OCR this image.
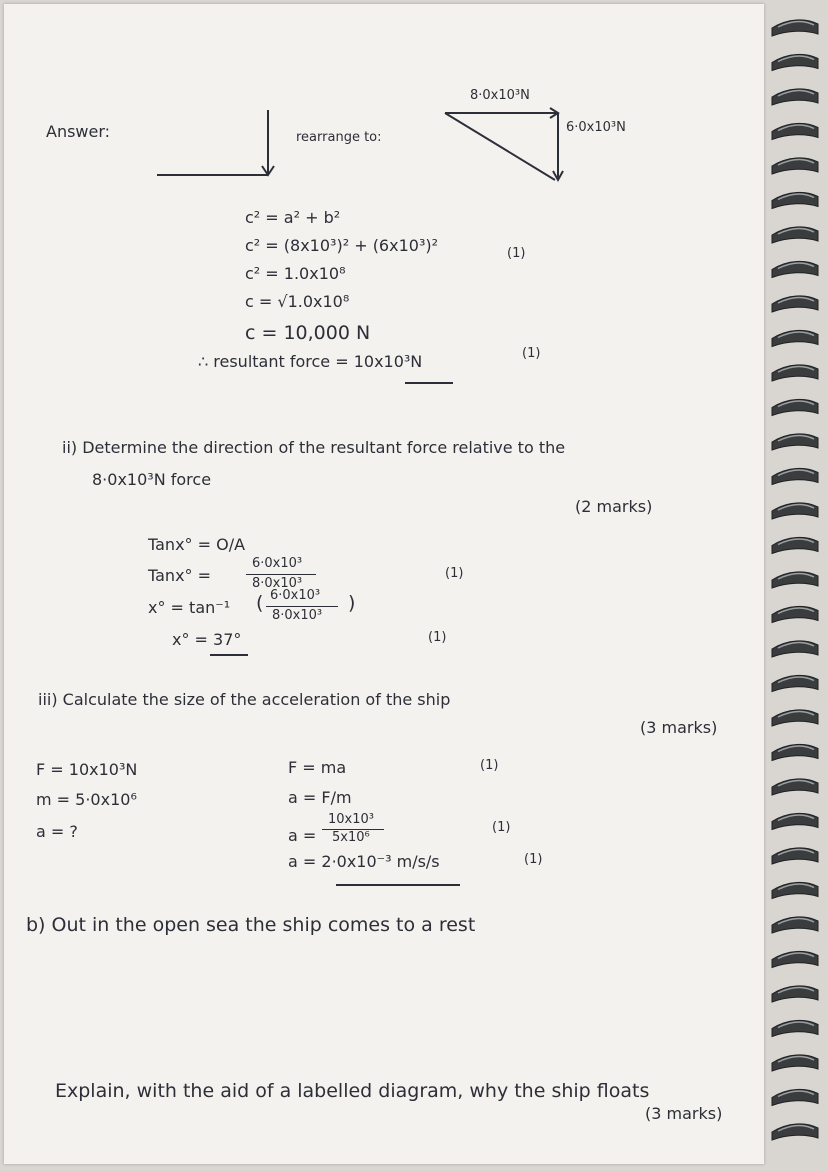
Answer:	rearrange to:
8·0x10³N
6·0x10³N
c² = a² + b²
c² = (8x10³)² + (6x10³)²	(1)
c² = 1.0x10⁸
c = √1.0x10⁸
c = 10,000 N
∴ resultant force = 10x10³N	(1)
ii) Determine the direction of the resultant force relative to the
8·0x10³N force
(2 marks)
Tanx° = O/A
Tanx° =
6·0x10³
8·0x10³
(1)
x° = tan⁻¹ ( 6·0x10³
8·0x10³
)
x° = 37°	(1)
iii) Calculate the size of the acceleration of the ship
(3 marks)
F = 10x10³N
m = 5·0x10⁶
a = ?
F = ma	(1)
a = F/m
a =
10x10³
5x10⁶
(1)
a = 2·0x10⁻³ m/s/s	(1)
b) Out in the open sea the ship comes to a rest
Explain, with the aid of a labelled diagram, why the ship floats
(3 marks)
